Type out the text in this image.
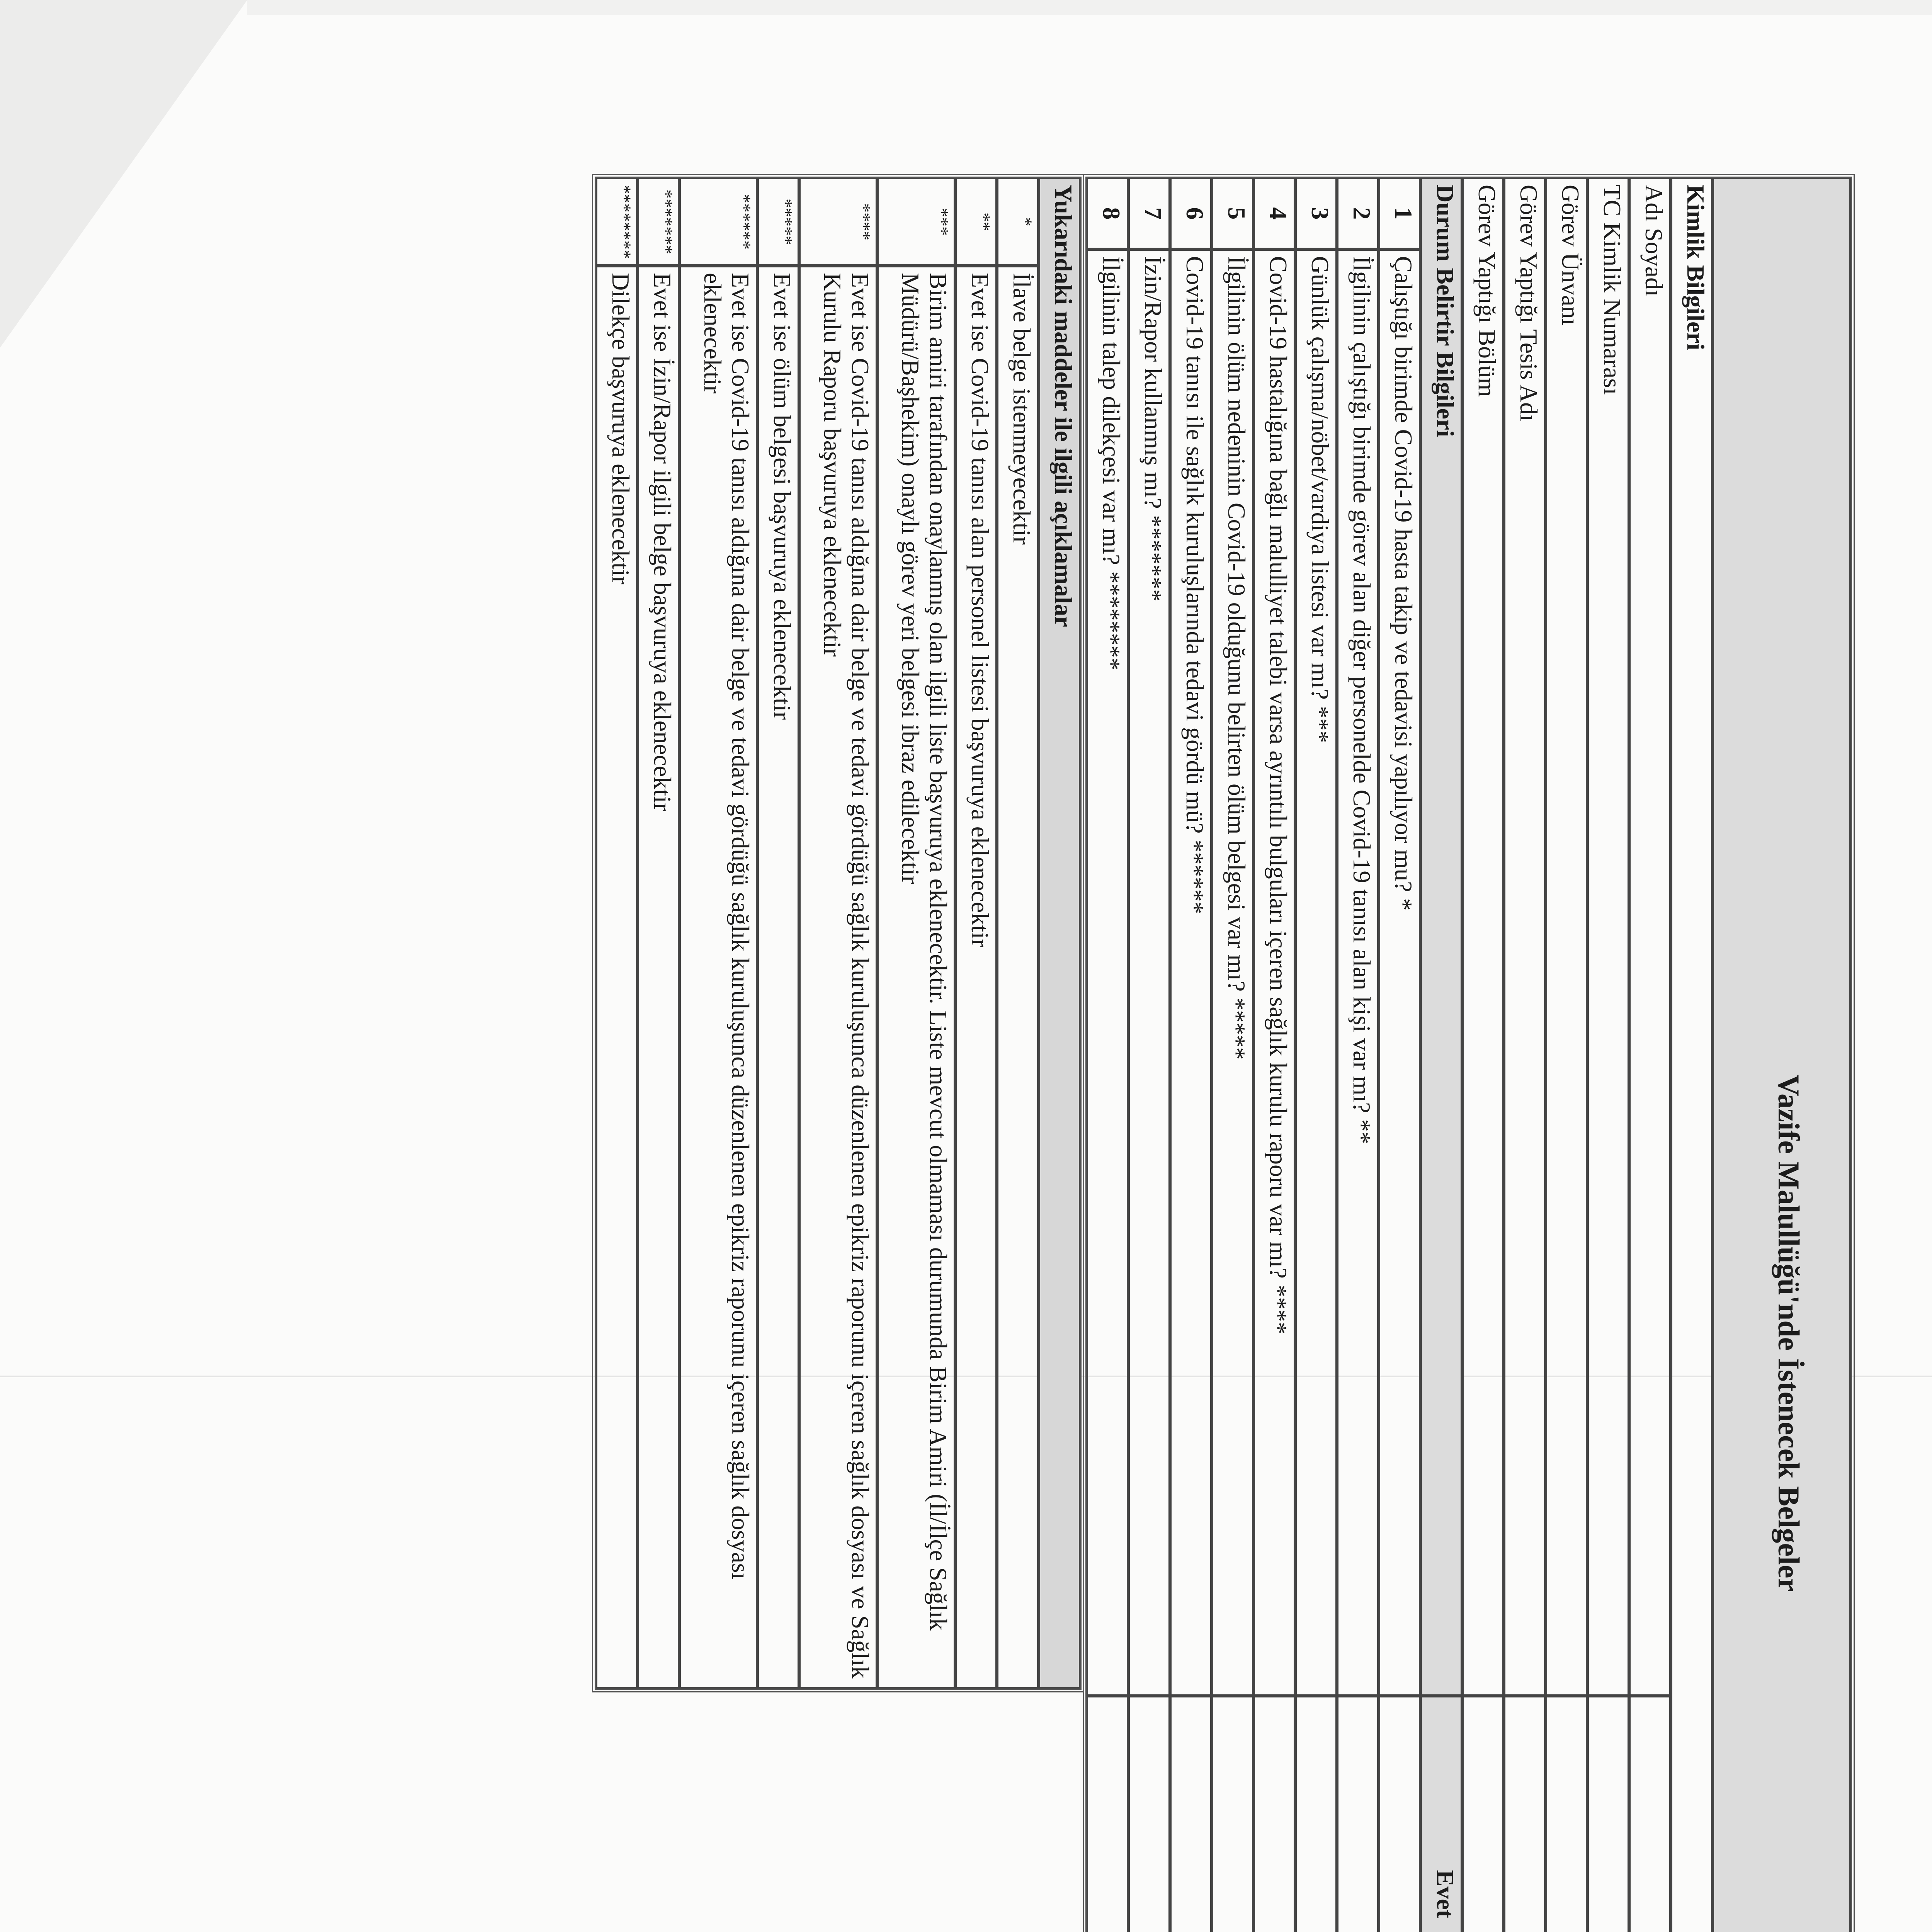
Vazife Malullüğü'nde İstenecek Belgeler			
Kimlik Bilgileri			
Adı Soyadı			
TC Kimlik Numarası			
Görev Ünvanı			
Görev Yaptığı Tesis Adı			
Görev Yaptığı Bölüm			
Durum Belirtir Bilgileri		Evet	
1	Çalıştığı birimde Covid-19 hasta takip ve tedavisi yapılıyor mu? *		
2	İlgilinin çalıştığı birimde görev alan diğer personelde Covid-19 tanısı alan kişi var mı? **		
3	Günlük çalışma/nöbet/vardiya listesi var mı? ***		
4	Covid-19 hastalığına bağlı malulliyet talebi varsa ayrıntılı bulguları içeren sağlık kurulu raporu var mı? ****		
5	İlgilinin ölüm nedeninin Covid-19 olduğunu belirten ölüm belgesi var mı? *****		
6	Covid-19 tanısı ile sağlık kuruluşlarında tedavi gördü mü? ******		
7	İzin/Rapor kullanmış mı? *******		
8	İlgilinin talep dilekçesi var mı? ********		
Yukarıdaki maddeler ile ilgili açıklamalar	
*	İlave belge istenmeyecektir
**	Evet ise Covid-19 tanısı alan personel listesi başvuruya eklenecektir
***	Birim amiri tarafından onaylanmış olan ilgili liste başvuruya eklenecektir. Liste mevcut olmaması durumunda Birim Amiri (İl/İlçe Sağlık Müdürü/Başhekim) onaylı görev yeri belgesi ibraz edilecektir
****	Evet ise Covid-19 tanısı aldığına dair belge ve tedavi gördüğü sağlık kuruluşunca düzenlenen epikriz raporunu içeren sağlık dosyası ve Sağlık Kurulu Raporu başvuruya eklenecektir
*****	Evet ise ölüm belgesi başvuruya eklenecektir
******	Evet ise Covid-19 tanısı aldığına dair belge ve tedavi gördüğü sağlık kuruluşunca düzenlenen epikriz raporunu içeren sağlık dosyası eklenecektir
*******	Evet ise İzin/Rapor ilgili belge başvuruya eklenecektir
********	Dilekçe başvuruya eklenecektir
